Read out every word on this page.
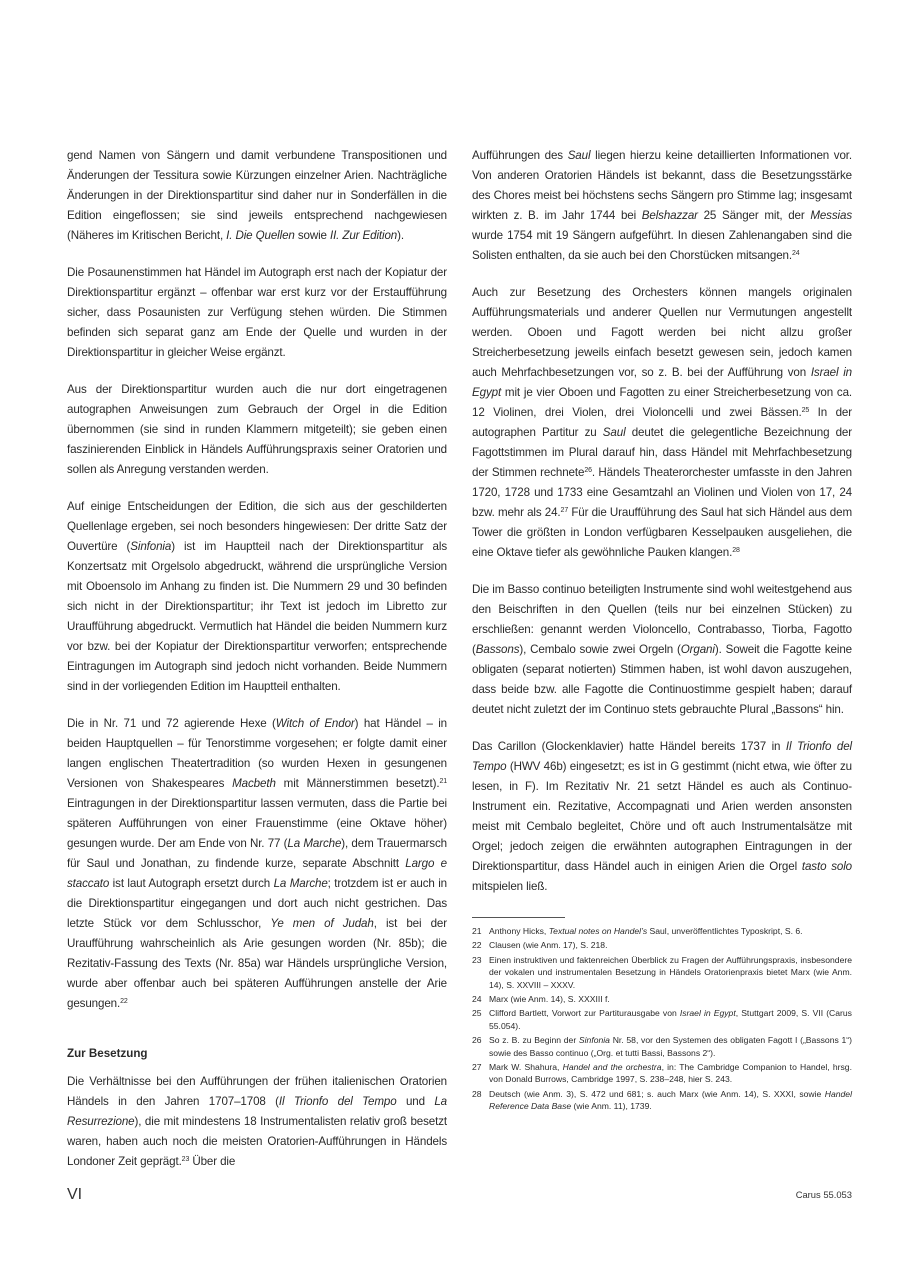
gend Namen von Sängern und damit verbundene Transpositionen und Änderungen der Tessitura sowie Kürzungen einzelner Arien. Nachträgliche Änderungen in der Direktionspartitur sind daher nur in Sonderfällen in die Edition eingeflossen; sie sind jeweils entsprechend nachgewiesen (Näheres im Kritischen Bericht, I. Die Quellen sowie II. Zur Edition).

Die Posaunenstimmen hat Händel im Autograph erst nach der Kopiatur der Direktionspartitur ergänzt – offenbar war erst kurz vor der Erstaufführung sicher, dass Posaunisten zur Verfügung stehen würden. Die Stimmen befinden sich separat ganz am Ende der Quelle und wurden in der Direktionspartitur in gleicher Weise ergänzt.

Aus der Direktionspartitur wurden auch die nur dort eingetragenen autographen Anweisungen zum Gebrauch der Orgel in die Edition übernommen (sie sind in runden Klammern mitgeteilt); sie geben einen faszinierenden Einblick in Händels Aufführungspraxis seiner Oratorien und sollen als Anregung verstanden werden.

Auf einige Entscheidungen der Edition, die sich aus der geschilderten Quellenlage ergeben, sei noch besonders hingewiesen: Der dritte Satz der Ouvertüre (Sinfonia) ist im Hauptteil nach der Direktionspartitur als Konzertsatz mit Orgelsolo abgedruckt, während die ursprüngliche Version mit Oboensolo im Anhang zu finden ist. Die Nummern 29 und 30 befinden sich nicht in der Direktionspartitur; ihr Text ist jedoch im Libretto zur Uraufführung abgedruckt. Vermutlich hat Händel die beiden Nummern kurz vor bzw. bei der Kopiatur der Direktionspartitur verworfen; entsprechende Eintragungen im Autograph sind jedoch nicht vorhanden. Beide Nummern sind in der vorliegenden Edition im Hauptteil enthalten.

Die in Nr. 71 und 72 agierende Hexe (Witch of Endor) hat Händel – in beiden Hauptquellen – für Tenorstimme vorgesehen; er folgte damit einer langen englischen Theatertradition (so wurden Hexen in gesungenen Versionen von Shakespeares Macbeth mit Männerstimmen besetzt).$^{21}$ Eintragungen in der Direktionspartitur lassen vermuten, dass die Partie bei späteren Aufführungen von einer Frauenstimme (eine Oktave höher) gesungen wurde. Der am Ende von Nr. 77 (La Marche), dem Trauermarsch für Saul und Jonathan, zu findende kurze, separate Abschnitt Largo e staccato ist laut Autograph ersetzt durch La Marche; trotzdem ist er auch in die Direktionspartitur eingegangen und dort auch nicht gestrichen. Das letzte Stück vor dem Schlusschor, Ye men of Judah, ist bei der Uraufführung wahrscheinlich als Arie gesungen worden (Nr. 85b); die Rezitativ-Fassung des Texts (Nr. 85a) war Händels ursprüngliche Version, wurde aber offenbar auch bei späteren Aufführungen anstelle der Arie gesungen.$^{22}$

Zur Besetzung

Die Verhältnisse bei den Aufführungen der frühen italienischen Oratorien Händels in den Jahren 1707–1708 (Il Trionfo del Tempo und La Resurrezione), die mit mindestens 18 Instrumentalisten relativ groß besetzt waren, haben auch noch die meisten Oratorien-Aufführungen in Händels Londoner Zeit geprägt.$^{23}$ Über die

Aufführungen des Saul liegen hierzu keine detaillierten Informationen vor. Von anderen Oratorien Händels ist bekannt, dass die Besetzungsstärke des Chores meist bei höchstens sechs Sängern pro Stimme lag; insgesamt wirkten z. B. im Jahr 1744 bei Belshazzar 25 Sänger mit, der Messias wurde 1754 mit 19 Sängern aufgeführt. In diesen Zahlenangaben sind die Solisten enthalten, da sie auch bei den Chorstücken mitsangen.$^{24}$

Auch zur Besetzung des Orchesters können mangels originalen Aufführungsmaterials und anderer Quellen nur Vermutungen angestellt werden. Oboen und Fagott werden bei nicht allzu großer Streicherbesetzung jeweils einfach besetzt gewesen sein, jedoch kamen auch Mehrfachbesetzungen vor, so z. B. bei der Aufführung von Israel in Egypt mit je vier Oboen und Fagotten zu einer Streicherbesetzung von ca. 12 Violinen, drei Violen, drei Violoncelli und zwei Bässen.$^{25}$ In der autographen Partitur zu Saul deutet die gelegentliche Bezeichnung der Fagottstimmen im Plural darauf hin, dass Händel mit Mehrfachbesetzung der Stimmen rechnete$^{26}$. Händels Theaterorchester umfasste in den Jahren 1720, 1728 und 1733 eine Gesamtzahl an Violinen und Violen von 17, 24 bzw. mehr als 24.27 Für die Uraufführung des Saul hat sich Händel aus dem Tower die größten in London verfügbaren Kesselpauken ausgeliehen, die eine Oktave tiefer als gewöhnliche Pauken klangen.$^{28}$

Die im Basso continuo beteiligten Instrumente sind wohl weitestgehend aus den Beischriften in den Quellen (teils nur bei einzelnen Stücken) zu erschließen: genannt werden Violoncello, Contrabasso, Tiorba, Fagotto (Bassons), Cembalo sowie zwei Orgeln (Organi). Soweit die Fagotte keine obligaten (separat notierten) Stimmen haben, ist wohl davon auszugehen, dass beide bzw. alle Fagotte die Continuostimme gespielt haben; darauf deutet nicht zuletzt der im Continuo stets gebrauchte Plural „Bassons“ hin.

Das Carillon (Glockenklavier) hatte Händel bereits 1737 in Il Trionfo del Tempo (HWV 46b) eingesetzt; es ist in G gestimmt (nicht etwa, wie öfter zu lesen, in F). Im Rezitativ Nr. 21 setzt Händel es auch als Continuo-Instrument ein. Rezitative, Accompagnati und Arien werden ansonsten meist mit Cembalo begleitet, Chöre und oft auch Instrumentalsätze mit Orgel; jedoch zeigen die erwähnten autographen Eintragungen in der Direktionspartitur, dass Händel auch in einigen Arien die Orgel tasto solo mitspielen ließ.

21 Anthony Hicks, Textual notes on Handel’s Saul, unveröffentlichtes Typoskript, S. 6.
22 Clausen (wie Anm. 17), S. 218.
23 Einen instruktiven und faktenreichen Überblick zu Fragen der Aufführungspraxis, insbesondere der vokalen und instrumentalen Besetzung in Händels Oratorienpraxis bietet Marx (wie Anm. 14), S. XXVIII – XXXV.
24 Marx (wie Anm. 14), S. XXXIII f.
25 Clifford Bartlett, Vorwort zur Partiturausgabe von Israel in Egypt, Stuttgart 2009, S. VII (Carus 55.054).
26 So z. B. zu Beginn der Sinfonia Nr. 58, vor den Systemen des obligaten Fagott I („Bassons 1“) sowie des Basso continuo („Org. et tutti Bassi, Bassons 2“).
27 Mark W. Shahura, Handel and the orchestra, in: The Cambridge Companion to Handel, hrsg. von Donald Burrows, Cambridge 1997, S. 238–248, hier S. 243.
28 Deutsch (wie Anm. 3), S. 472 und 681; s. auch Marx (wie Anm. 14), S. XXXI, sowie Handel Reference Data Base (wie Anm. 11), 1739.
VI	Carus 55.053
